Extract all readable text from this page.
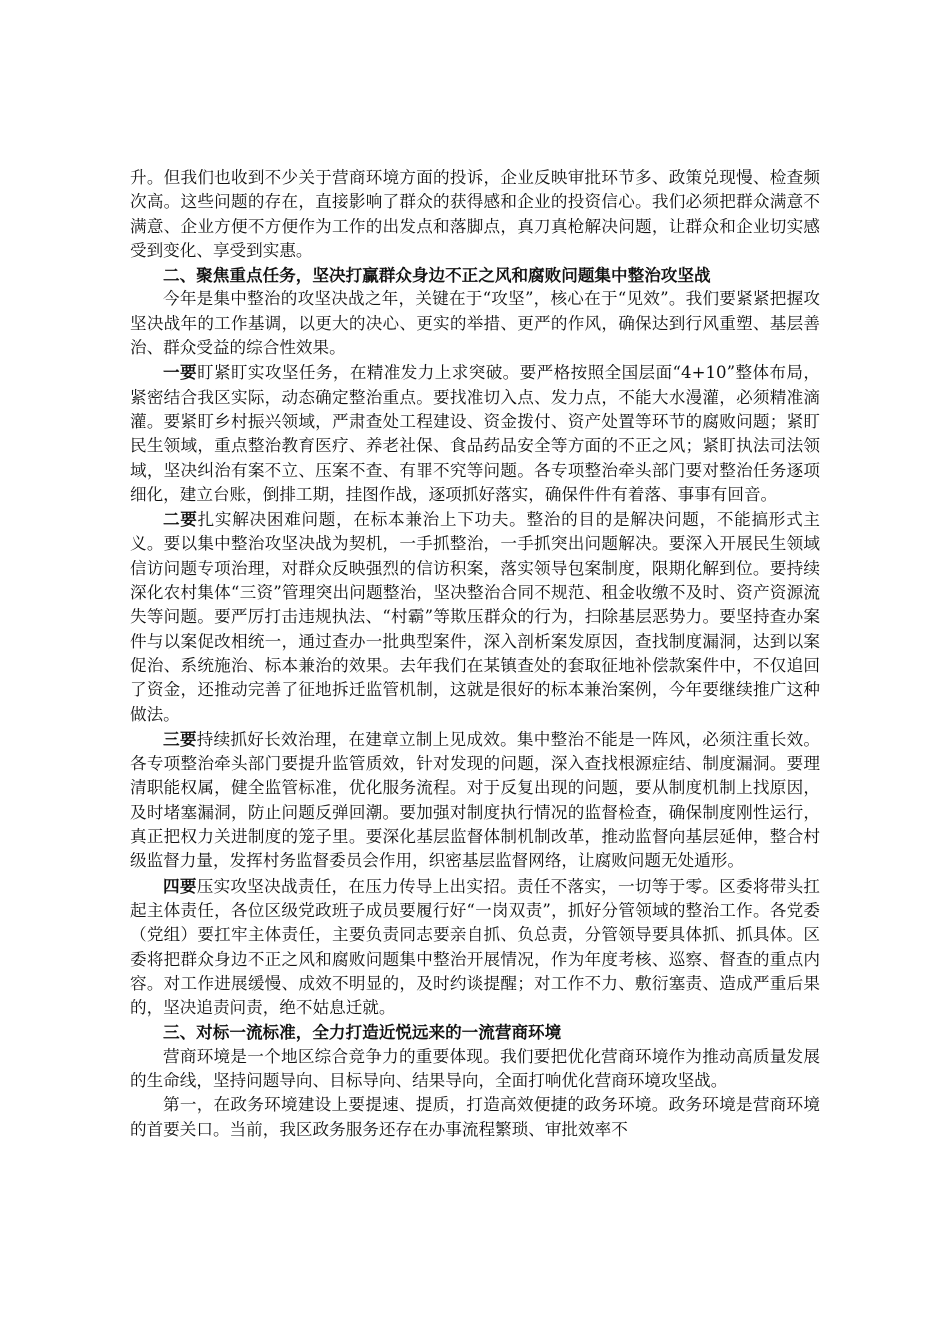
升。但我们也收到不少关于营商环境方面的投诉，企业反映审批环节多、政策兑现慢、检查频次高。这些问题的存在，直接影响了群众的获得感和企业的投资信心。我们必须把群众满意不满意、企业方便不方便作为工作的出发点和落脚点，真刀真枪解决问题，让群众和企业切实感受到变化、享受到实惠。

二、聚焦重点任务，坚决打赢群众身边不正之风和腐败问题集中整治攻坚战

今年是集中整治的攻坚决战之年，关键在于“攻坚”，核心在于“见效”。我们要紧紧把握攻坚决战年的工作基调，以更大的决心、更实的举措、更严的作风，确保达到行风重塑、基层善治、群众受益的综合性效果。

一要盯紧盯实攻坚任务，在精准发力上求突破。要严格按照全国层面“4+10”整体布局，紧密结合我区实际，动态确定整治重点。要找准切入点、发力点，不能大水漫灌，必须精准滴灌。要紧盯乡村振兴领域，严肃查处工程建设、资金拨付、资产处置等环节的腐败问题；紧盯民生领域，重点整治教育医疗、养老社保、食品药品安全等方面的不正之风；紧盯执法司法领域，坚决纠治有案不立、压案不查、有罪不究等问题。各专项整治牵头部门要对整治任务逐项细化，建立台账，倒排工期，挂图作战，逐项抓好落实，确保件件有着落、事事有回音。

二要扎实解决困难问题，在标本兼治上下功夫。整治的目的是解决问题，不能搞形式主义。要以集中整治攻坚决战为契机，一手抓整治，一手抓突出问题解决。要深入开展民生领域信访问题专项治理，对群众反映强烈的信访积案，落实领导包案制度，限期化解到位。要持续深化农村集体“三资”管理突出问题整治，坚决整治合同不规范、租金收缴不及时、资产资源流失等问题。要严厉打击违规执法、“村霸”等欺压群众的行为，扫除基层恶势力。要坚持查办案件与以案促改相统一，通过查办一批典型案件，深入剖析案发原因，查找制度漏洞，达到以案促治、系统施治、标本兼治的效果。去年我们在某镇查处的套取征地补偿款案件中，不仅追回了资金，还推动完善了征地拆迁监管机制，这就是很好的标本兼治案例，今年要继续推广这种做法。

三要持续抓好长效治理，在建章立制上见成效。集中整治不能是一阵风，必须注重长效。各专项整治牵头部门要提升监管质效，针对发现的问题，深入查找根源症结、制度漏洞。要理清职能权属，健全监管标准，优化服务流程。对于反复出现的问题，要从制度机制上找原因，及时堵塞漏洞，防止问题反弹回潮。要加强对制度执行情况的监督检查，确保制度刚性运行，真正把权力关进制度的笼子里。要深化基层监督体制机制改革，推动监督向基层延伸，整合村级监督力量，发挥村务监督委员会作用，织密基层监督网络，让腐败问题无处遁形。

四要压实攻坚决战责任，在压力传导上出实招。责任不落实，一切等于零。区委将带头扛起主体责任，各位区级党政班子成员要履行好“一岗双责”，抓好分管领域的整治工作。各党委（党组）要扛牢主体责任，主要负责同志要亲自抓、负总责，分管领导要具体抓、抓具体。区委将把群众身边不正之风和腐败问题集中整治开展情况，作为年度考核、巡察、督查的重点内容。对工作进展缓慢、成效不明显的，及时约谈提醒；对工作不力、敷衍塞责、造成严重后果的，坚决追责问责，绝不姑息迁就。

三、对标一流标准，全力打造近悦远来的一流营商环境

营商环境是一个地区综合竞争力的重要体现。我们要把优化营商环境作为推动高质量发展的生命线，坚持问题导向、目标导向、结果导向，全面打响优化营商环境攻坚战。

第一，在政务环境建设上要提速、提质，打造高效便捷的政务环境。政务环境是营商环境的首要关口。当前，我区政务服务还存在办事流程繁琐、审批效率不
